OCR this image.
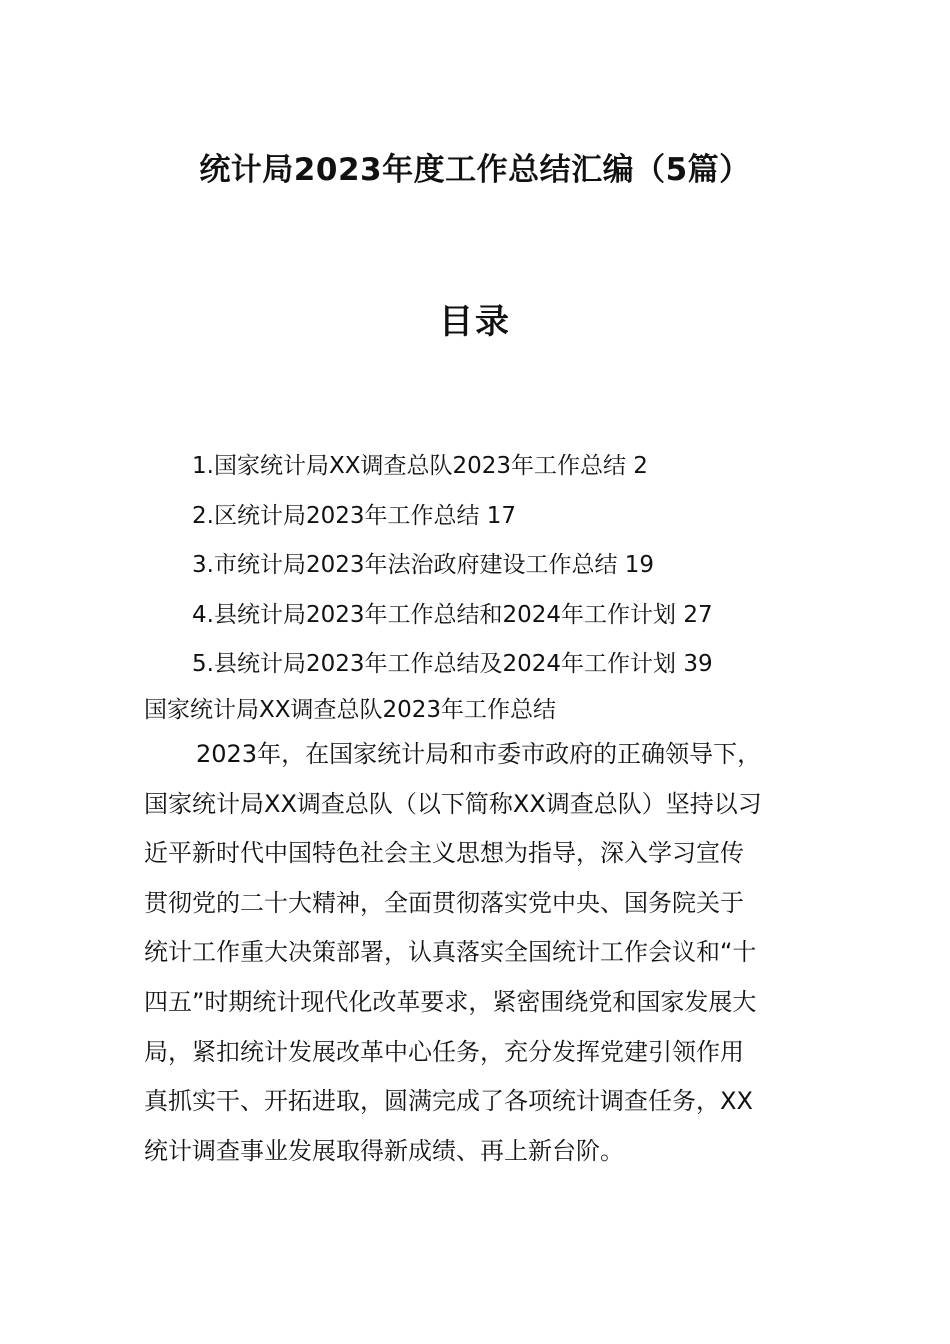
统计局2023年度工作总结汇编（5篇）
目录
1.国家统计局XX调查总队2023年工作总结 2
2.区统计局2023年工作总结 17
3.市统计局2023年法治政府建设工作总结 19
4.县统计局2023年工作总结和2024年工作计划 27
5.县统计局2023年工作总结及2024年工作计划 39
国家统计局XX调查总队2023年工作总结
2023年，在国家统计局和市委市政府的正确领导下，
国家统计局XX调查总队（以下简称XX调查总队）坚持以习
近平新时代中国特色社会主义思想为指导，深入学习宣传
贯彻党的二十大精神，全面贯彻落实党中央、国务院关于
统计工作重大决策部署，认真落实全国统计工作会议和“十
四五”时期统计现代化改革要求，紧密围绕党和国家发展大
局，紧扣统计发展改革中心任务，充分发挥党建引领作用
真抓实干、开拓进取，圆满完成了各项统计调查任务，XX
统计调查事业发展取得新成绩、再上新台阶。
